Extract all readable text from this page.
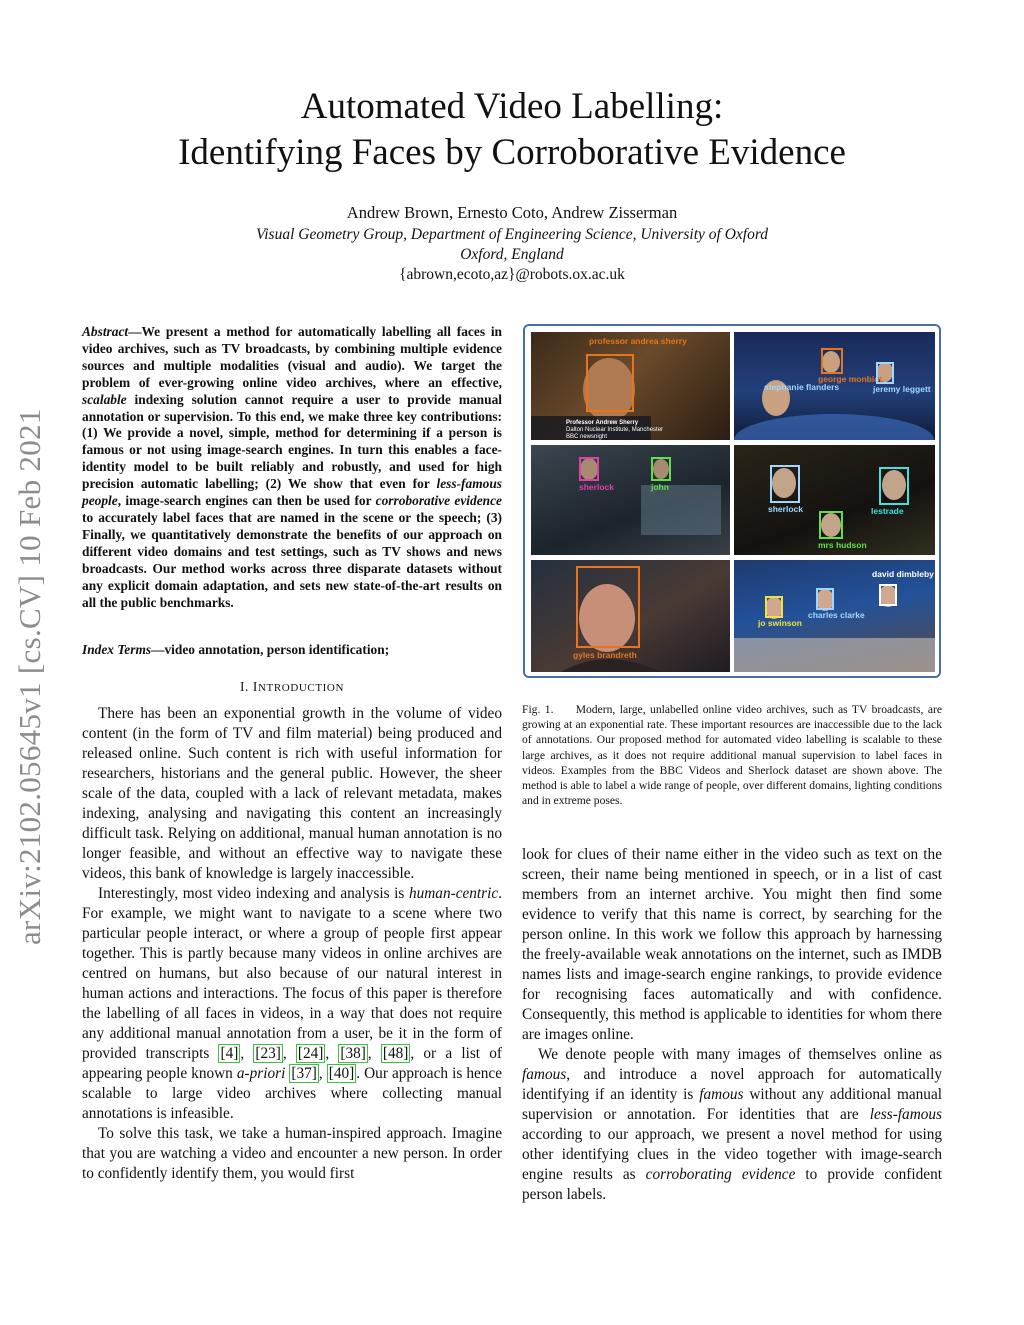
Automated Video Labelling:
Identifying Faces by Corroborative Evidence
Andrew Brown, Ernesto Coto, Andrew Zisserman
Visual Geometry Group, Department of Engineering Science, University of Oxford
Oxford, England
{abrown,ecoto,az}@robots.ox.ac.uk
arXiv:2102.05645v1 [cs.CV] 10 Feb 2021
Abstract—We present a method for automatically labelling all faces in video archives, such as TV broadcasts, by combining multiple evidence sources and multiple modalities (visual and audio). We target the problem of ever-growing online video archives, where an effective, scalable indexing solution cannot require a user to provide manual annotation or supervision. To this end, we make three key contributions: (1) We provide a novel, simple, method for determining if a person is famous or not using image-search engines. In turn this enables a face-identity model to be built reliably and robustly, and used for high precision automatic labelling; (2) We show that even for less-famous people, image-search engines can then be used for corroborative evidence to accurately label faces that are named in the scene or the speech; (3) Finally, we quantitatively demonstrate the benefits of our approach on different video domains and test settings, such as TV shows and news broadcasts. Our method works across three disparate datasets without any explicit domain adaptation, and sets new state-of-the-art results on all the public benchmarks.
Index Terms—video annotation, person identification;
I. INTRODUCTION

There has been an exponential growth in the volume of video content (in the form of TV and film material) being produced and released online. Such content is rich with useful information for researchers, historians and the general public. However, the sheer scale of the data, coupled with a lack of relevant metadata, makes indexing, analysing and navigating this content an increasingly difficult task. Relying on additional, manual human annotation is no longer feasible, and without an effective way to navigate these videos, this bank of knowledge is largely inaccessible.

Interestingly, most video indexing and analysis is human-centric. For example, we might want to navigate to a scene where two particular people interact, or where a group of people first appear together. This is partly because many videos in online archives are centred on humans, but also because of our natural interest in human actions and interactions. The focus of this paper is therefore the labelling of all faces in videos, in a way that does not require any additional manual annotation from a user, be it in the form of provided transcripts [4] , [23] , [24] , [38] , [48] , or a list of appearing people known a-priori [37] , [40] . Our approach is hence scalable to large video archives where collecting manual annotations is infeasible.

To solve this task, we take a human-inspired approach. Imagine that you are watching a video and encounter a new person. In order to confidently identify them, you would first

professor andrea sherry
Professor Andrew Sherry
Dalton Nuclear Institute, Manchester
BBC newsnight
george monbiot
stephanie flanders	jeremy leggett
sherlock	john
sherlock	lestrade
mrs hudson
gyles brandreth
jo swinson
charles clarke
david dimbleby
Fig. 1. Modern, large, unlabelled online video archives, such as TV broadcasts, are growing at an exponential rate. These important resources are inaccessible due to the lack of annotations. Our proposed method for automated video labelling is scalable to these large archives, as it does not require additional manual supervision to label faces in videos. Examples from the BBC Videos and Sherlock dataset are shown above. The method is able to label a wide range of people, over different domains, lighting conditions and in extreme poses.

look for clues of their name either in the video such as text on the screen, their name being mentioned in speech, or in a list of cast members from an internet archive. You might then find some evidence to verify that this name is correct, by searching for the person online. In this work we follow this approach by harnessing the freely-available weak annotations on the internet, such as IMDB names lists and image-search engine rankings, to provide evidence for recognising faces automatically and with confidence. Consequently, this method is applicable to identities for whom there are images online.

We denote people with many images of themselves online as famous, and introduce a novel approach for automatically identifying if an identity is famous without any additional manual supervision or annotation. For identities that are less-famous according to our approach, we present a novel method for using other identifying clues in the video together with image-search engine results as corroborating evidence to provide confident person labels.
